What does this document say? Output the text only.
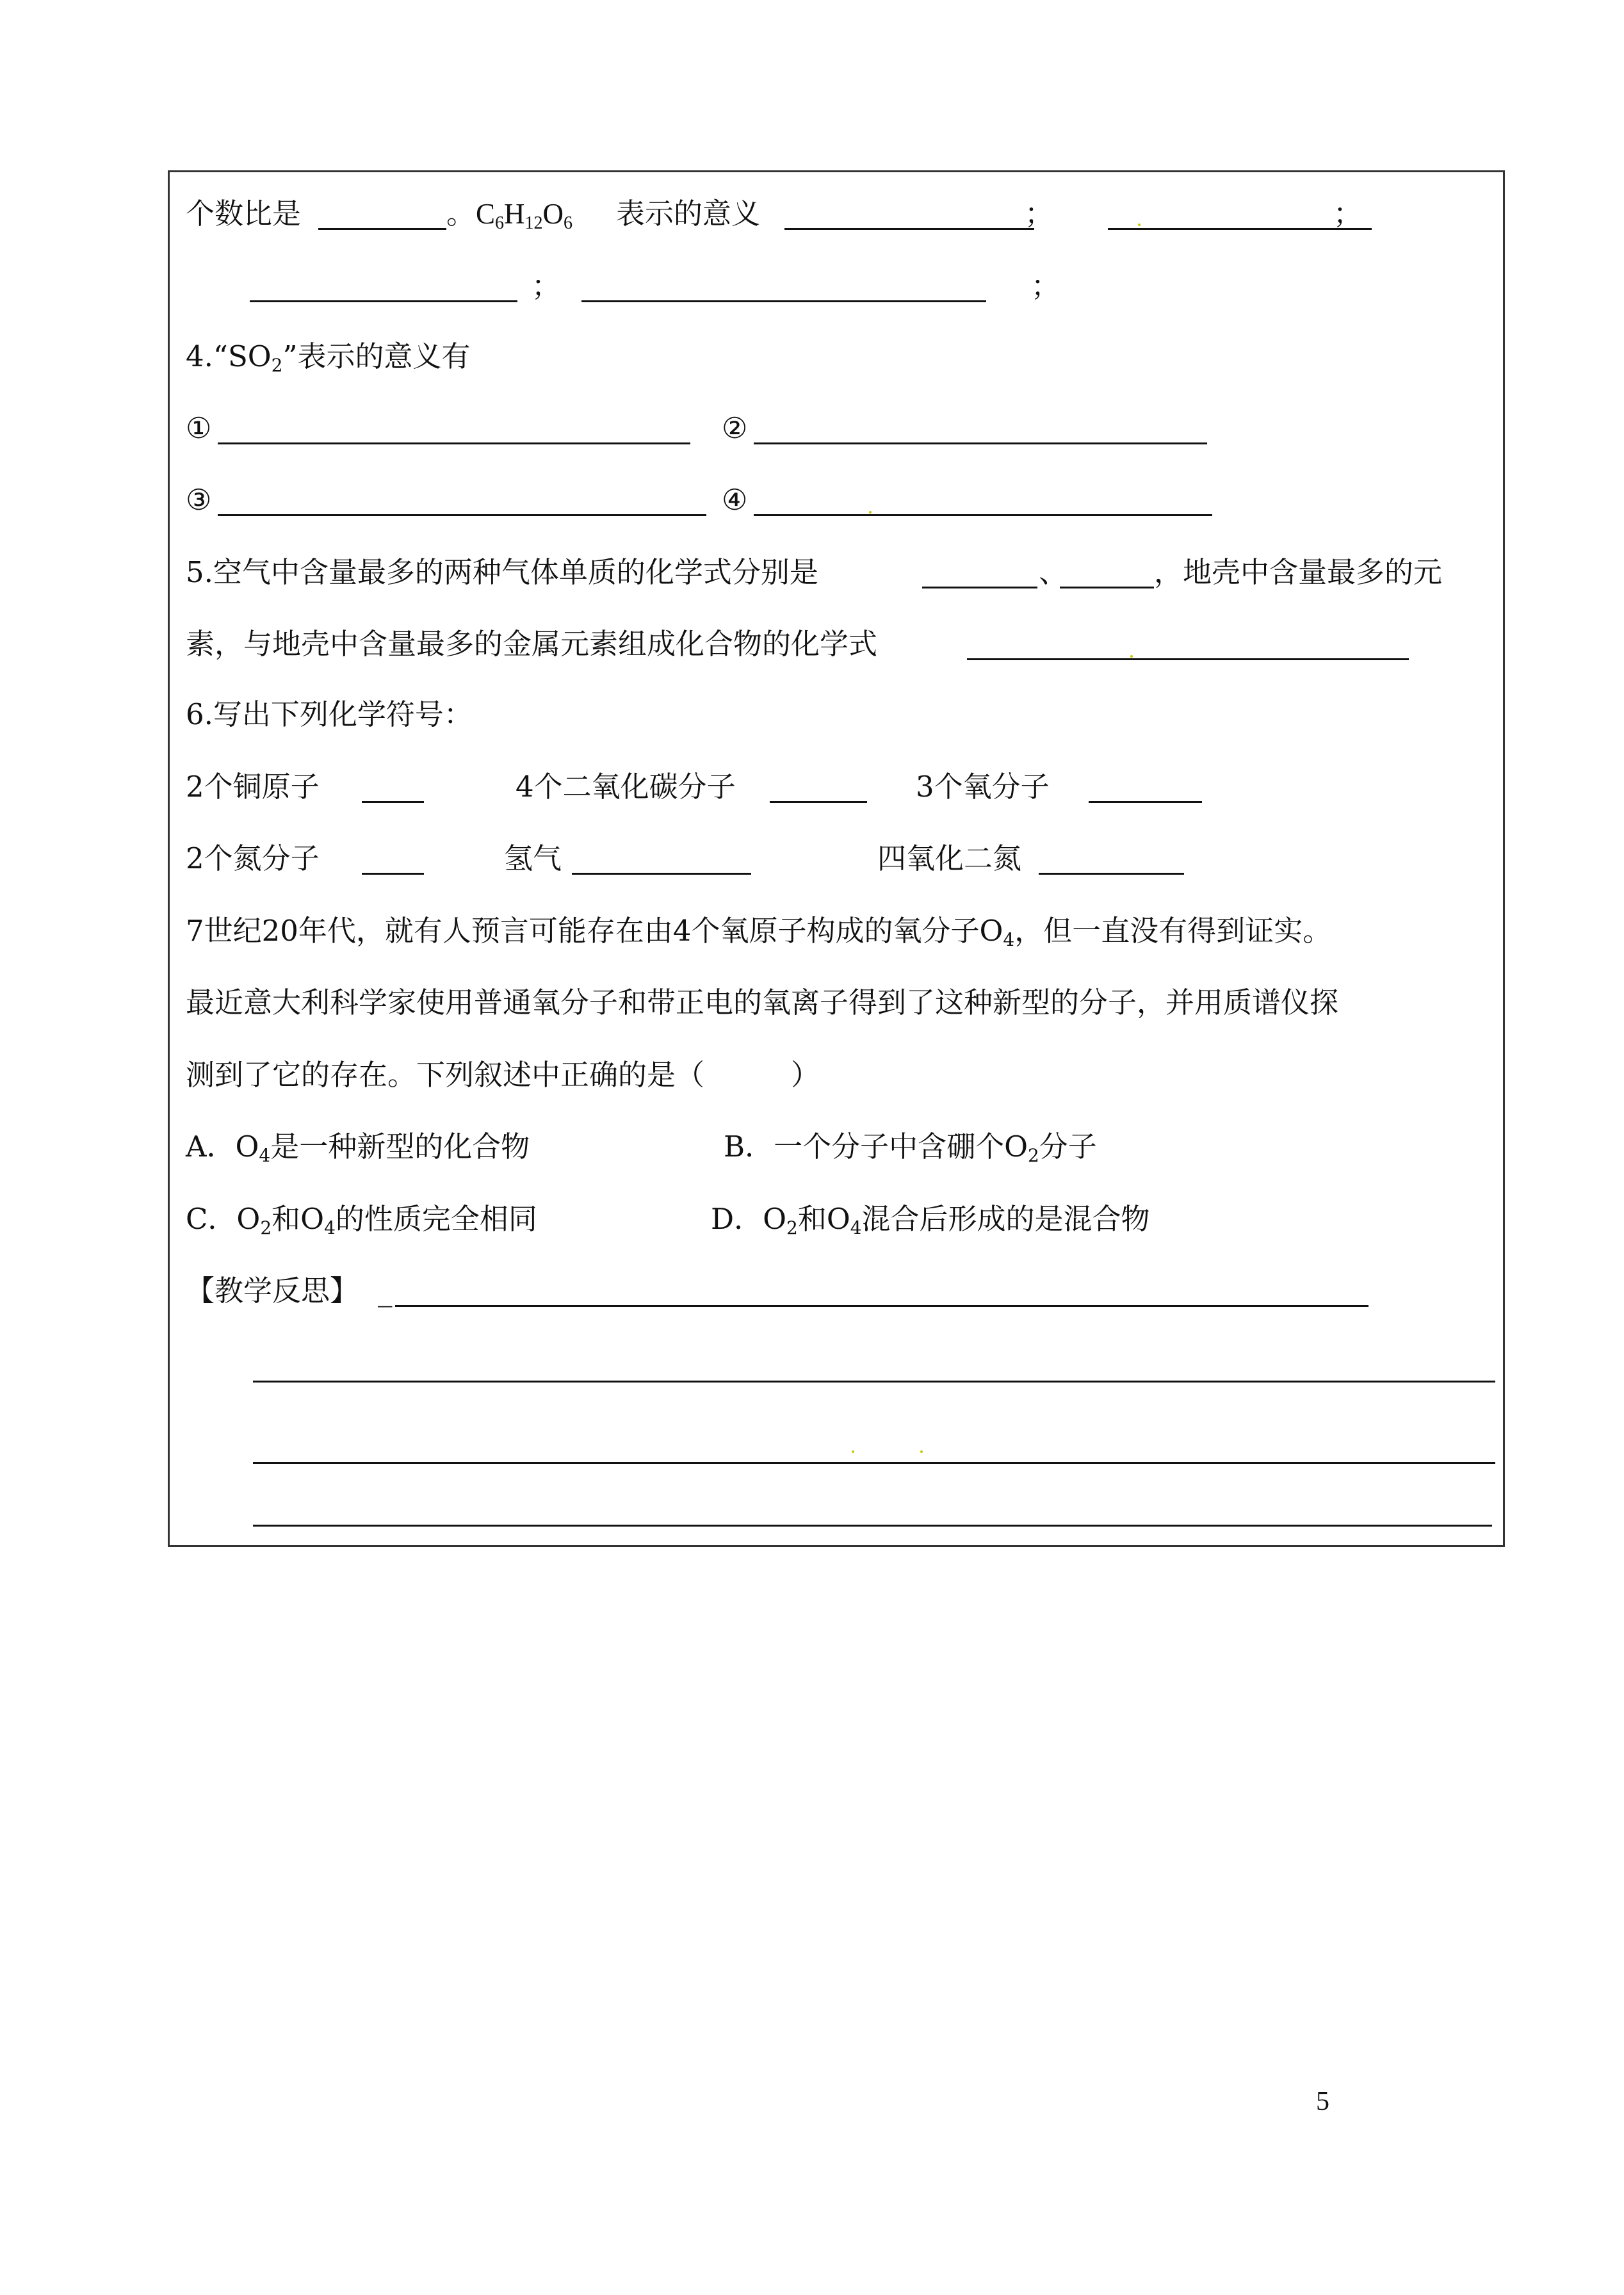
个数比是	。 $C_6H_{12}O_6$ 表示的意义	；	；
；	；
$4.“SO_2$”表示的意义有
①	②
③	④
5.空气中含量最多的两种气体单质的化学式分别是	、	，地壳中含量最多的元
素，与地壳中含量最多的金属元素组成化合物的化学式
6.写出下列化学符号：
2个铜原子	4个二氧化碳分子	3个氧分子
2个氮分子	氢气	四氧化二氮
7世纪20年代，就有人预言可能存在由4个氧原子构成的氧分子$O_4$，但一直没有得到证实。
最近意大利科学家使用普通氧分子和带正电的氧离子得到了这种新型的分子，并用质谱仪探
测到了它的存在。下列叙述中正确的是（　　　）
A．$O_4$是一种新型的化合物	B．一个分子中含硼个$O_2$分子
C．$O_2$和$O_4$的性质完全相同	D．$O_2$和$O_4$混合后形成的是混合物
【教学反思】 _
5
